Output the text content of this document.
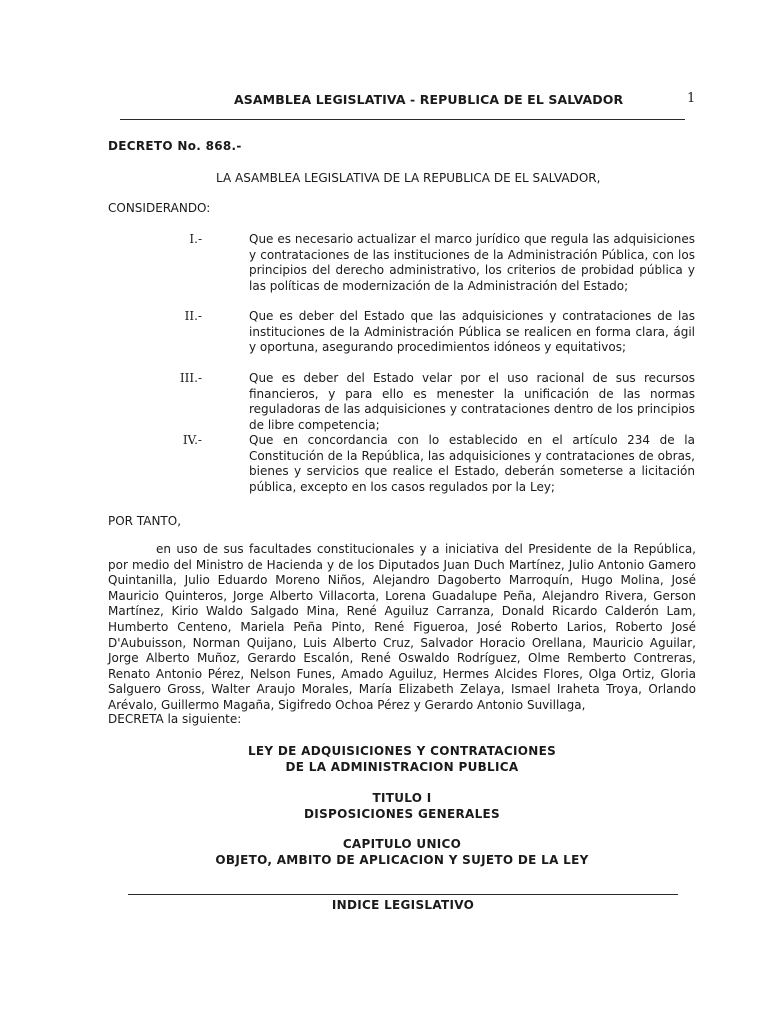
ASAMBLEA LEGISLATIVA - REPUBLICA DE EL SALVADOR	1
DECRETO No. 868.-
LA ASAMBLEA LEGISLATIVA DE LA REPUBLICA DE EL SALVADOR,
CONSIDERANDO:
I.-	Que es necesario actualizar el marco jurídico que regula las adquisiciones y contrataciones de las instituciones de la Administración Pública, con los principios del derecho administrativo, los criterios de probidad pública y las políticas de modernización de la Administración del Estado;
II.-	Que es deber del Estado que las adquisiciones y contrataciones de las instituciones de la Administración Pública se realicen en forma clara, ágil y oportuna, asegurando procedimientos idóneos y equitativos;
III.-	Que es deber del Estado velar por el uso racional de sus recursos financieros, y para ello es menester la unificación de las normas reguladoras de las adquisiciones y contrataciones dentro de los principios de libre competencia;
IV.-	Que en concordancia con lo establecido en el artículo 234 de la Constitución de la República, las adquisiciones y contrataciones de obras, bienes y servicios que realice el Estado, deberán someterse a licitación pública, excepto en los casos regulados por la Ley;
POR TANTO,
en uso de sus facultades constitucionales y a iniciativa del Presidente de la República, por medio del Ministro de Hacienda y de los Diputados Juan Duch Martínez, Julio Antonio Gamero Quintanilla, Julio Eduardo Moreno Niños, Alejandro Dagoberto Marroquín, Hugo Molina, José Mauricio Quinteros, Jorge Alberto Villacorta, Lorena Guadalupe Peña, Alejandro Rivera, Gerson Martínez, Kirio Waldo Salgado Mina, René Aguiluz Carranza, Donald Ricardo Calderón Lam, Humberto Centeno, Mariela Peña Pinto, René Figueroa, José Roberto Larios, Roberto José D'Aubuisson, Norman Quijano, Luis Alberto Cruz, Salvador Horacio Orellana, Mauricio Aguilar, Jorge Alberto Muñoz, Gerardo Escalón, René Oswaldo Rodríguez, Olme Remberto Contreras, Renato Antonio Pérez, Nelson Funes, Amado Aguiluz, Hermes Alcides Flores, Olga Ortiz, Gloria Salguero Gross, Walter Araujo Morales, María Elizabeth Zelaya, Ismael Iraheta Troya, Orlando Arévalo, Guillermo Magaña, Sigifredo Ochoa Pérez y Gerardo Antonio Suvillaga,
DECRETA la siguiente:
LEY DE ADQUISICIONES Y CONTRATACIONES
DE LA ADMINISTRACION PUBLICA
TITULO I
DISPOSICIONES GENERALES
CAPITULO UNICO
OBJETO, AMBITO DE APLICACION Y SUJETO DE LA LEY
INDICE LEGISLATIVO
